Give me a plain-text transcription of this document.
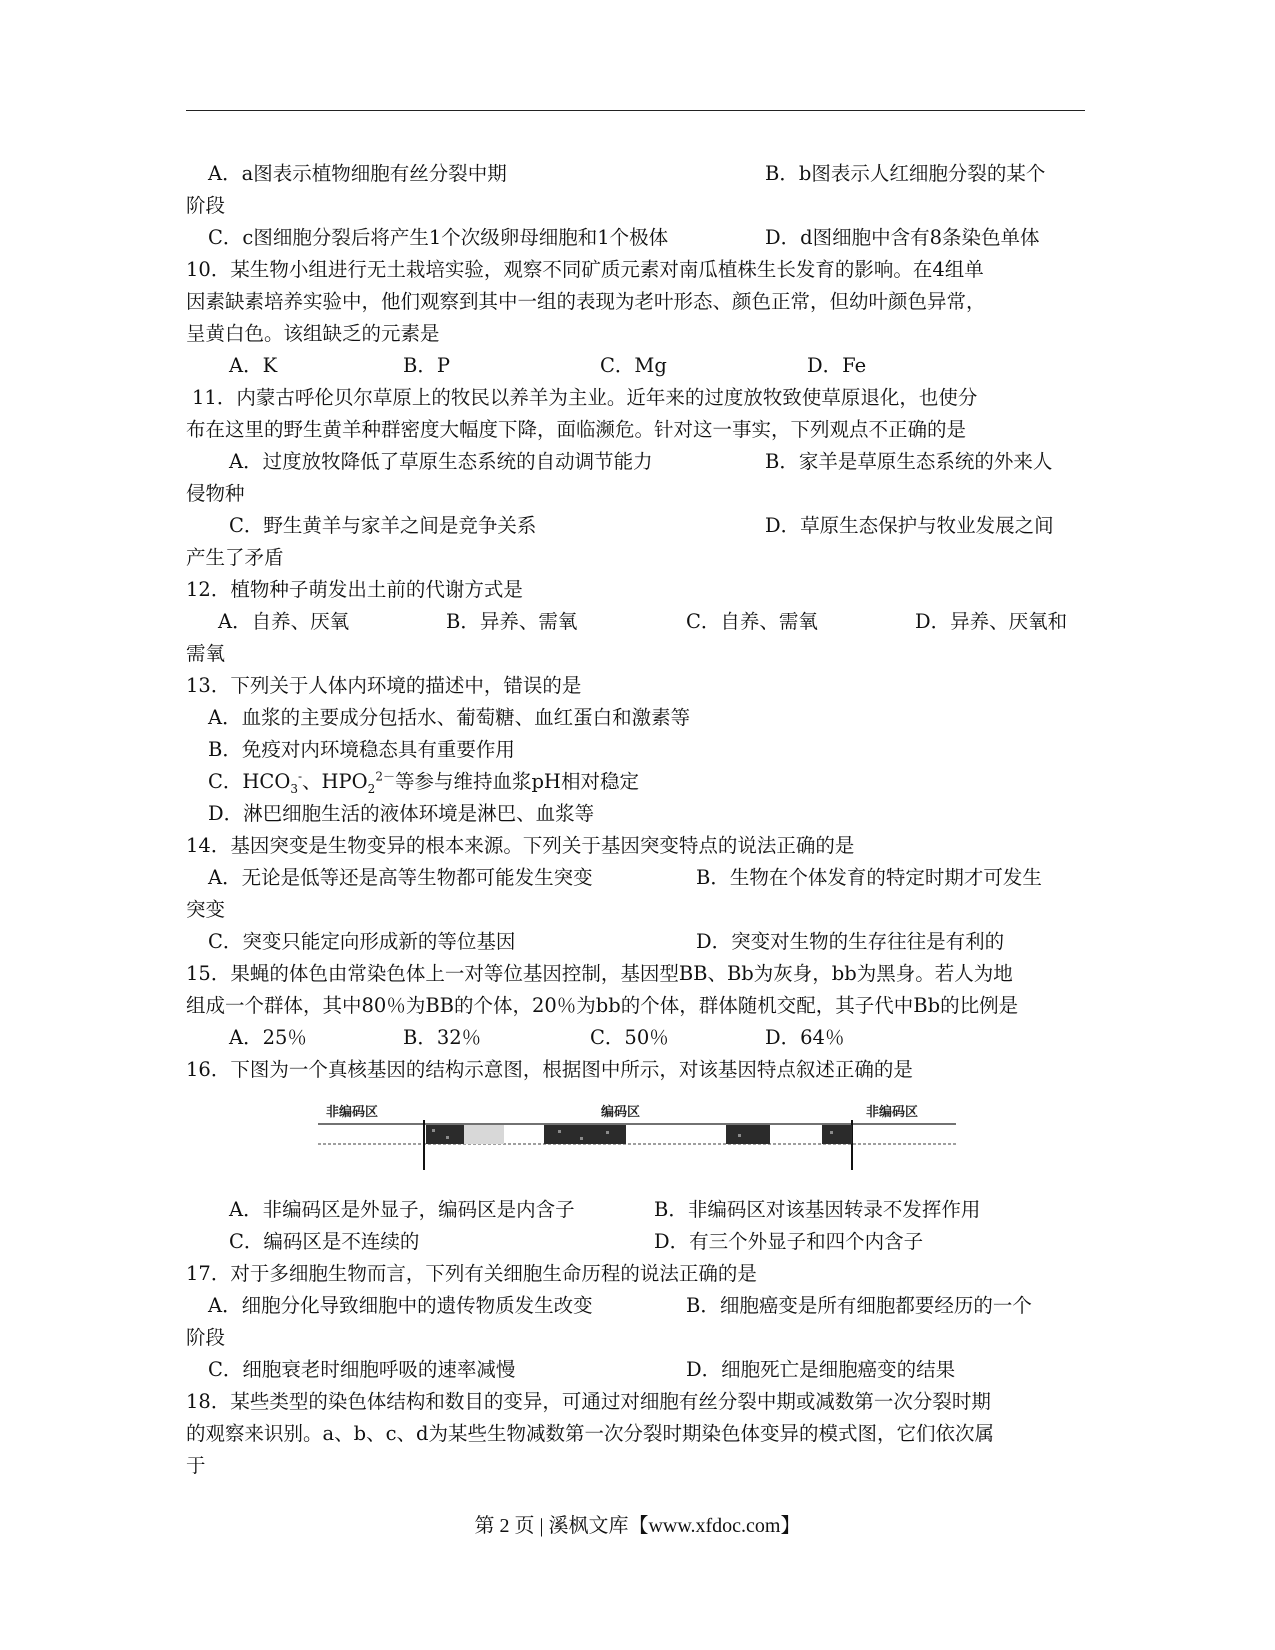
A．a图表示植物细胞有丝分裂中期	B．b图表示人红细胞分裂的某个
阶段
C．c图细胞分裂后将产生1个次级卵母细胞和1个极体	D．d图细胞中含有8条染色单体
10．某生物小组进行无土栽培实验，观察不同矿质元素对南瓜植株生长发育的影响。在4组单
因素缺素培养实验中，他们观察到其中一组的表现为老叶形态、颜色正常，但幼叶颜色异常，
呈黄白色。该组缺乏的元素是
A．K	B．P	C．Mg	D．Fe
11．内蒙古呼伦贝尔草原上的牧民以养羊为主业。近年来的过度放牧致使草原退化，也使分
布在这里的野生黄羊种群密度大幅度下降，面临濒危。针对这一事实，下列观点不正确的是
A．过度放牧降低了草原生态系统的自动调节能力	B．家羊是草原生态系统的外来人
侵物种
C．野生黄羊与家羊之间是竞争关系	D．草原生态保护与牧业发展之间
产生了矛盾
12．植物种子萌发出土前的代谢方式是
A．自养、厌氧	B．异养、需氧	C．自养、需氧	D．异养、厌氧和
需氧
13．下列关于人体内环境的描述中，错误的是
A．血浆的主要成分包括水、葡萄糖、血红蛋白和激素等
B．免疫对内环境稳态具有重要作用
D．淋巴细胞生活的液体环境是淋巴、血浆等
14．基因突变是生物变异的根本来源。下列关于基因突变特点的说法正确的是
A．无论是低等还是高等生物都可能发生突变	B．生物在个体发育的特定时期才可发生
突变
C．突变只能定向形成新的等位基因	D．突变对生物的生存往往是有利的
15．果蝇的体色由常染色体上一对等位基因控制，基因型BB、Bb为灰身，bb为黑身。若人为地
组成一个群体，其中80％为BB的个体，20％为bb的个体，群体随机交配，其子代中Bb的比例是
A．25％	B．32％	C．50％	D．64％
16．下图为一个真核基因的结构示意图，根据图中所示，对该基因特点叙述正确的是
A．非编码区是外显子，编码区是内含子	B．非编码区对该基因转录不发挥作用
C．编码区是不连续的	D．有三个外显子和四个内含子
17．对于多细胞生物而言，下列有关细胞生命历程的说法正确的是
A．细胞分化导致细胞中的遗传物质发生改变	B．细胞癌变是所有细胞都要经历的一个
阶段
C．细胞衰老时细胞呼吸的速率减慢	D．细胞死亡是细胞癌变的结果
18．某些类型的染色体结构和数目的变异，可通过对细胞有丝分裂中期或减数第一次分裂时期
的观察来识别。a、b、c、d为某些生物减数第一次分裂时期染色体变异的模式图，它们依次属
于
C．$HCO_3^-$、$HPO_2^{2-}$等参与维持血浆pH相对稳定
非编码区	编码区	非编码区
第 2 页 | 溪枫文库【www.xfdoc.com】
